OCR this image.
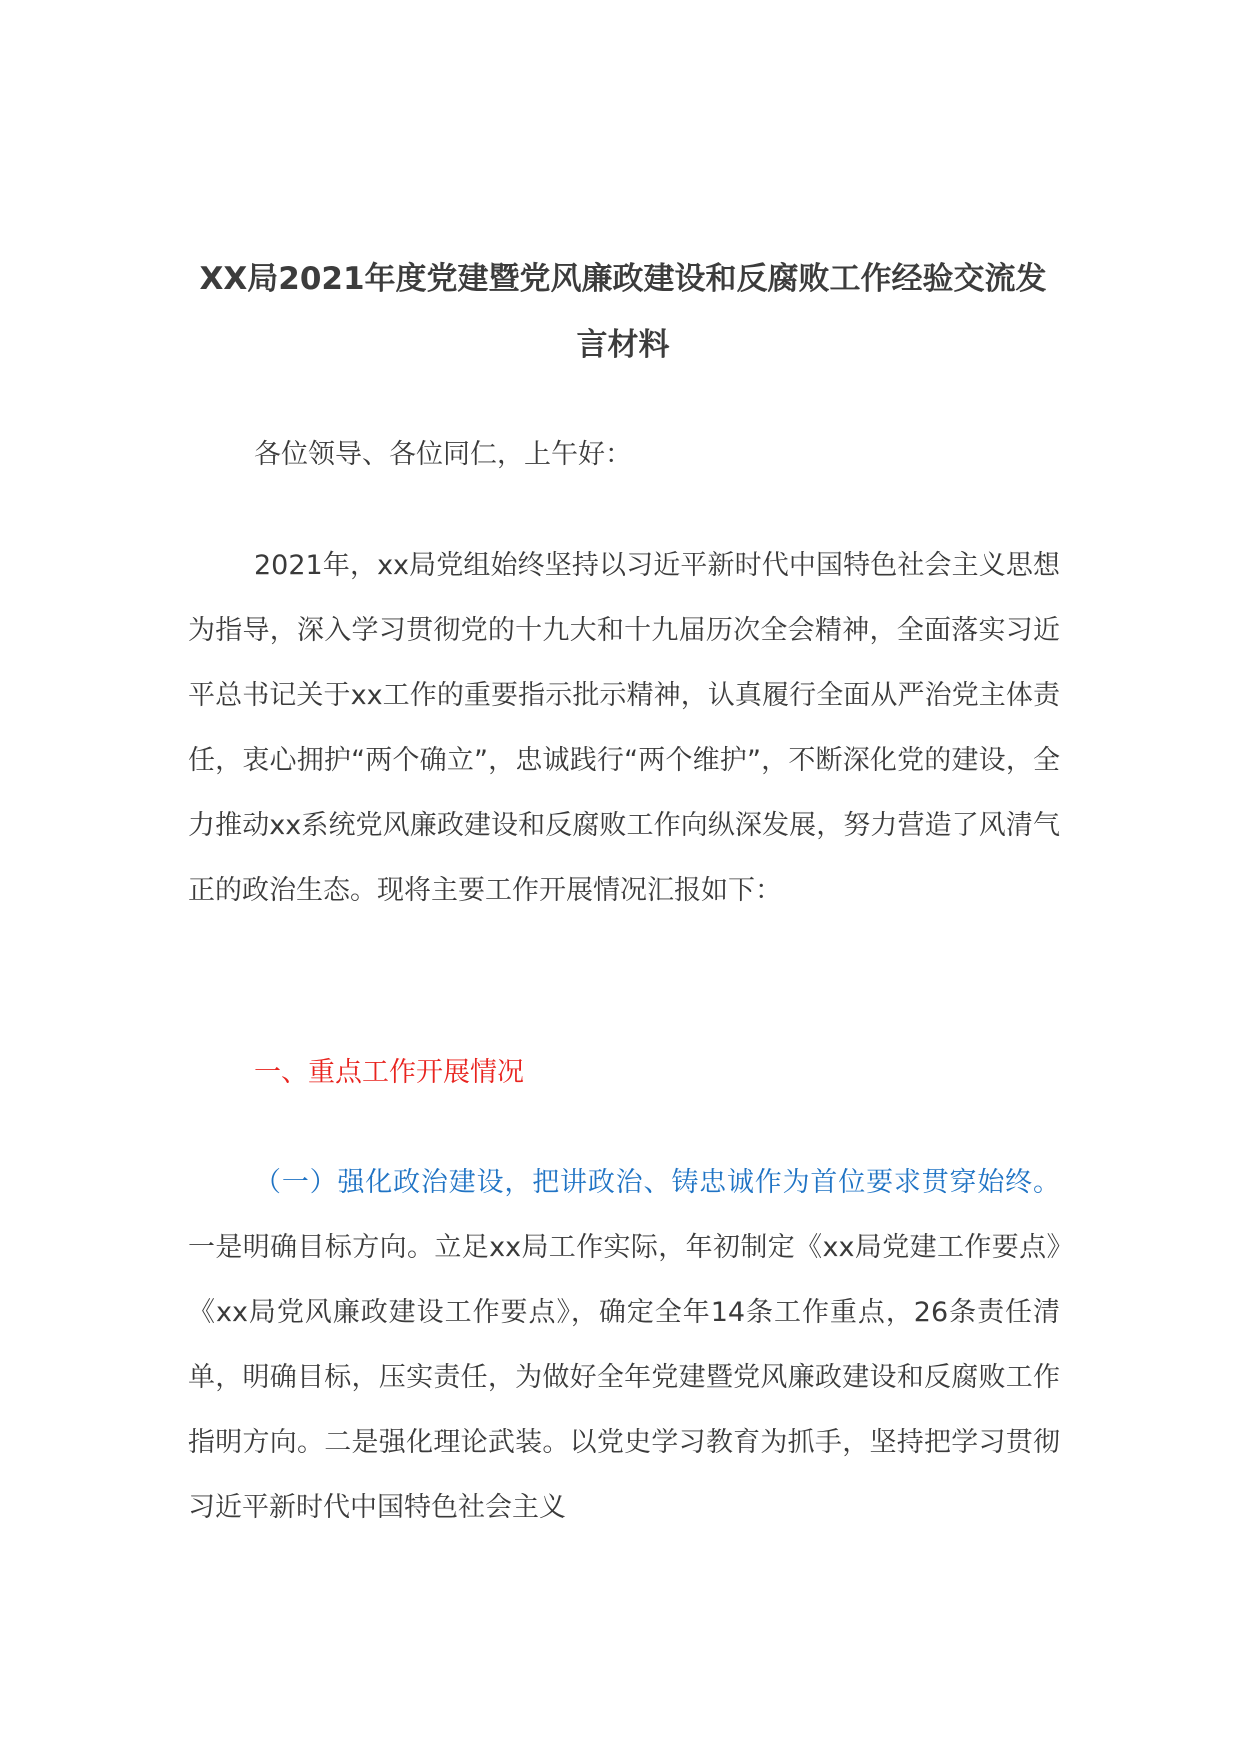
XX局2021年度党建暨党风廉政建设和反腐败工作经验交流发言材料

各位领导、各位同仁，上午好：

2021年，xx局党组始终坚持以习近平新时代中国特色社会主义思想为指导，深入学习贯彻党的十九大和十九届历次全会精神，全面落实习近平总书记关于xx工作的重要指示批示精神，认真履行全面从严治党主体责任，衷心拥护“两个确立”，忠诚践行“两个维护”，不断深化党的建设，全力推动xx系统党风廉政建设和反腐败工作向纵深发展，努力营造了风清气正的政治生态。现将主要工作开展情况汇报如下：

一、重点工作开展情况

（一）强化政治建设，把讲政治、铸忠诚作为首位要求贯穿始终。一是明确目标方向。立足xx局工作实际，年初制定《xx局党建工作要点》《xx局党风廉政建设工作要点》，确定全年14条工作重点，26条责任清单，明确目标，压实责任，为做好全年党建暨党风廉政建设和反腐败工作指明方向。二是强化理论武装。以党史学习教育为抓手，坚持把学习贯彻习近平新时代中国特色社会主义
